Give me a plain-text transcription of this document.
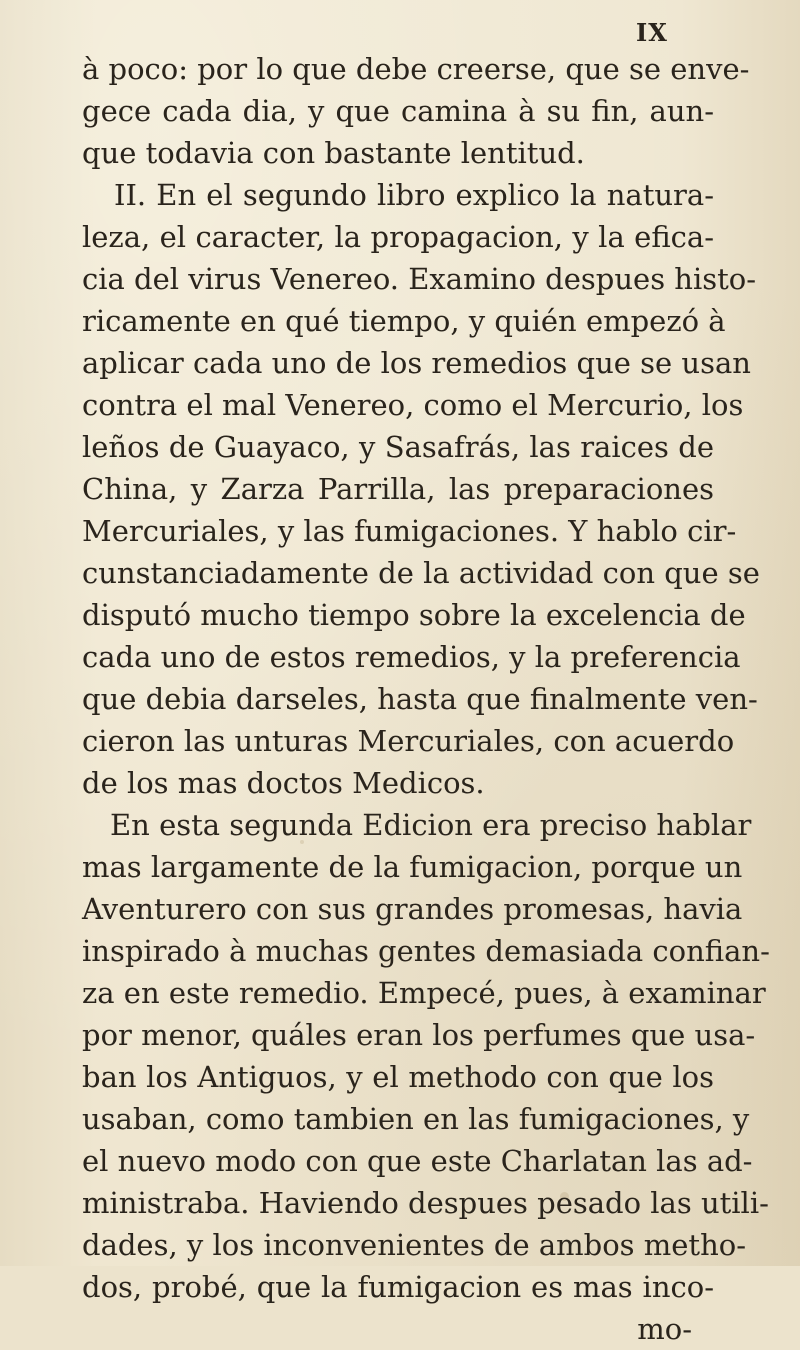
IX
à poco: por lo que debe creerse, que se enve-
gece cada dia, y que camina à su fin, aun-
que todavia con bastante lentitud.
II. En el segundo libro explico la natura-
leza, el caracter, la propagacion, y la efica-
cia del virus Venereo. Examino despues histo-
ricamente en qué tiempo, y quién empezó à
aplicar cada uno de los remedios que se usan
contra el mal Venereo, como el Mercurio, los
leños de Guayaco, y Sasafrás, las raices de
China, y Zarza Parrilla, las preparaciones
Mercuriales, y las fumigaciones. Y hablo cir-
cunstanciadamente de la actividad con que se
disputó mucho tiempo sobre la excelencia de
cada uno de estos remedios, y la preferencia
que debia darseles, hasta que finalmente ven-
cieron las unturas Mercuriales, con acuerdo
de los mas doctos Medicos.
En esta segunda Edicion era preciso hablar
mas largamente de la fumigacion, porque un
Aventurero con sus grandes promesas, havia
inspirado à muchas gentes demasiada confian-
za en este remedio. Empecé, pues, à examinar
por menor, quáles eran los perfumes que usa-
ban los Antiguos, y el methodo con que los
usaban, como tambien en las fumigaciones, y
el nuevo modo con que este Charlatan las ad-
ministraba. Haviendo despues pesado las utili-
dades, y los inconvenientes de ambos metho-
dos, probé, que la fumigacion es mas inco-
mo-
